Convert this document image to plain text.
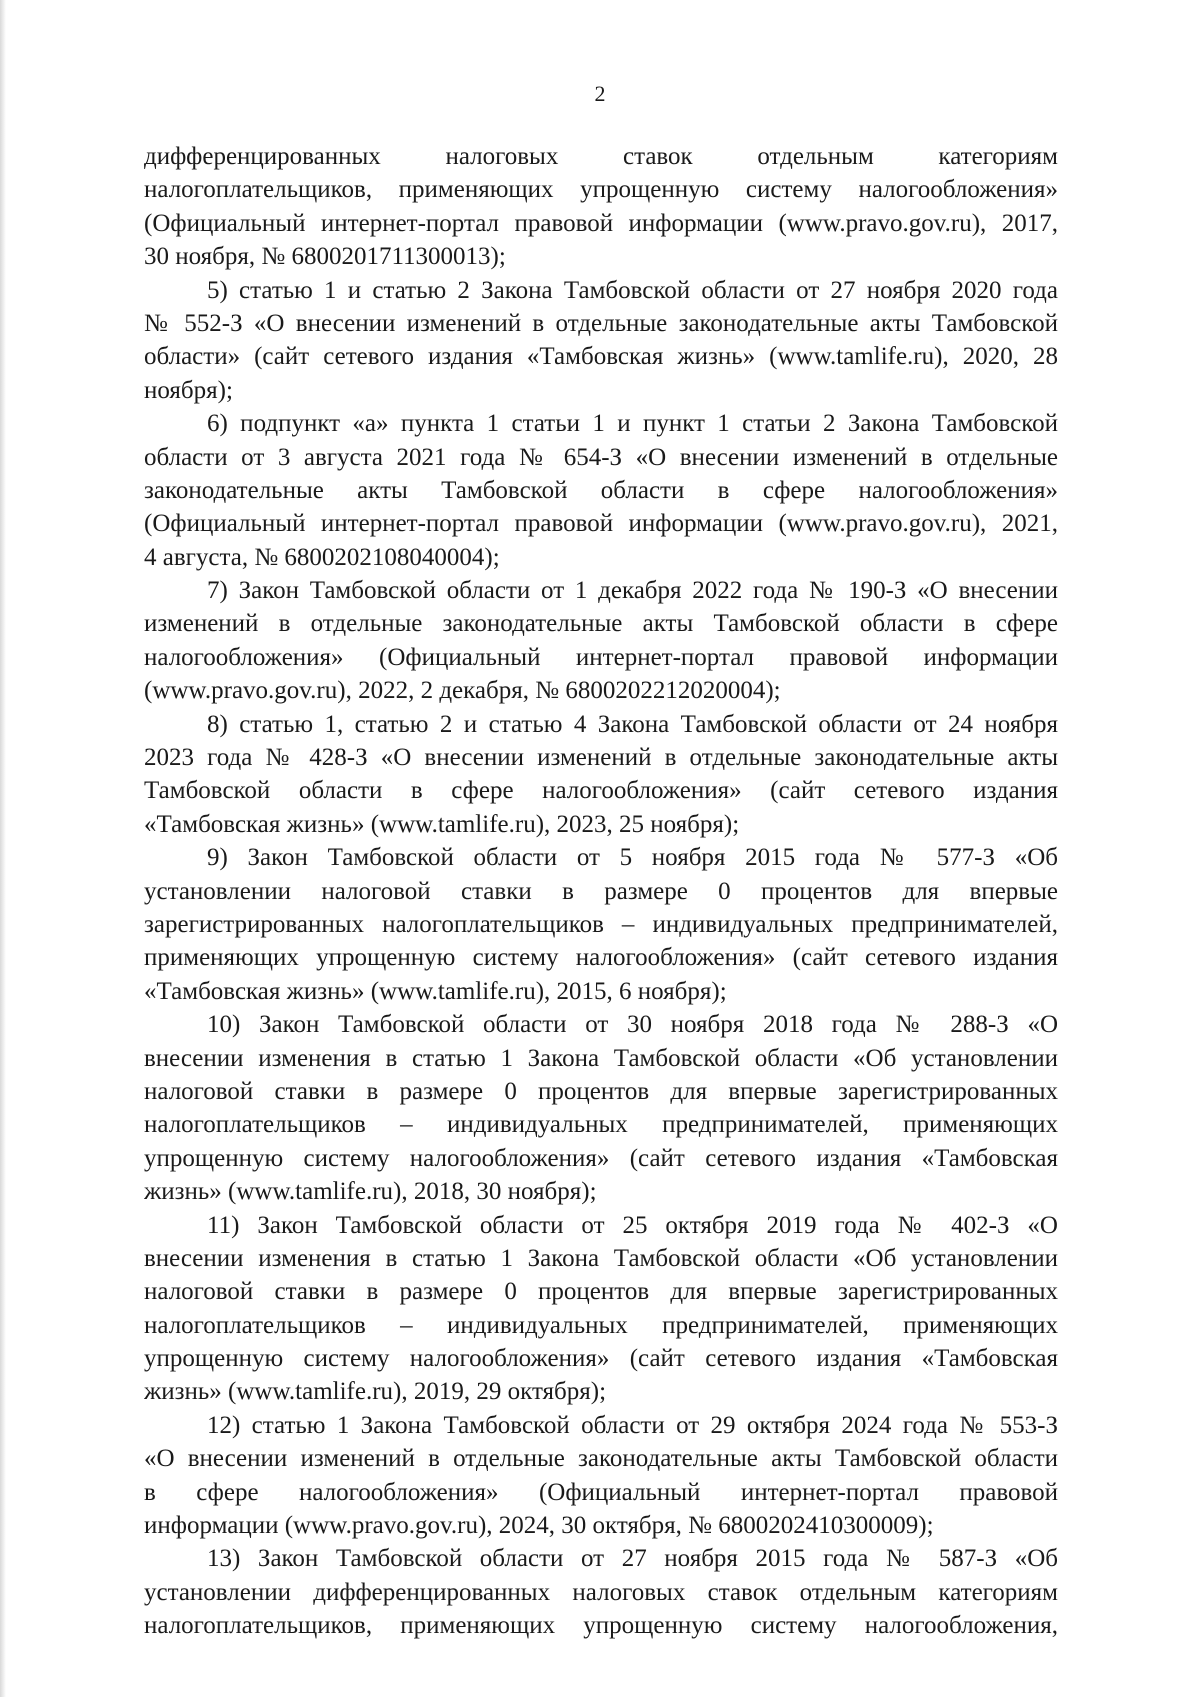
2
дифференцированных налоговых ставок отдельным категориям
налогоплательщиков, применяющих упрощенную систему налогообложения»
(Официальный интернет-портал правовой информации (www.pravo.gov.ru), 2017,
30 ноября, № 6800201711300013);
5) статью 1 и статью 2 Закона Тамбовской области от 27 ноября 2020 года
№ 552-З «О внесении изменений в отдельные законодательные акты Тамбовской
области» (сайт сетевого издания «Тамбовская жизнь» (www.tamlife.ru), 2020, 28
ноября);
6) подпункт «а» пункта 1 статьи 1 и пункт 1 статьи 2 Закона Тамбовской
области от 3 августа 2021 года № 654-З «О внесении изменений в отдельные
законодательные акты Тамбовской области в сфере налогообложения»
(Официальный интернет-портал правовой информации (www.pravo.gov.ru), 2021,
4 августа, № 6800202108040004);
7) Закон Тамбовской области от 1 декабря 2022 года № 190-З «О внесении
изменений в отдельные законодательные акты Тамбовской области в сфере
налогообложения» (Официальный интернет-портал правовой информации
(www.pravo.gov.ru), 2022, 2 декабря, № 6800202212020004);
8) статью 1, статью 2 и статью 4 Закона Тамбовской области от 24 ноября
2023 года № 428-З «О внесении изменений в отдельные законодательные акты
Тамбовской области в сфере налогообложения» (сайт сетевого издания
«Тамбовская жизнь» (www.tamlife.ru), 2023, 25 ноября);
9) Закон Тамбовской области от 5 ноября 2015 года № 577-З «Об
установлении налоговой ставки в размере 0 процентов для впервые
зарегистрированных налогоплательщиков – индивидуальных предпринимателей,
применяющих упрощенную систему налогообложения» (сайт сетевого издания
«Тамбовская жизнь» (www.tamlife.ru), 2015, 6 ноября);
10) Закон Тамбовской области от 30 ноября 2018 года № 288-З «О
внесении изменения в статью 1 Закона Тамбовской области «Об установлении
налоговой ставки в размере 0 процентов для впервые зарегистрированных
налогоплательщиков – индивидуальных предпринимателей, применяющих
упрощенную систему налогообложения» (сайт сетевого издания «Тамбовская
жизнь» (www.tamlife.ru), 2018, 30 ноября);
11) Закон Тамбовской области от 25 октября 2019 года № 402-З «О
внесении изменения в статью 1 Закона Тамбовской области «Об установлении
налоговой ставки в размере 0 процентов для впервые зарегистрированных
налогоплательщиков – индивидуальных предпринимателей, применяющих
упрощенную систему налогообложения» (сайт сетевого издания «Тамбовская
жизнь» (www.tamlife.ru), 2019, 29 октября);
12) статью 1 Закона Тамбовской области от 29 октября 2024 года № 553-З
«О внесении изменений в отдельные законодательные акты Тамбовской области
в сфере налогообложения» (Официальный интернет-портал правовой
информации (www.pravo.gov.ru), 2024, 30 октября, № 6800202410300009);
13) Закон Тамбовской области от 27 ноября 2015 года № 587-З «Об
установлении дифференцированных налоговых ставок отдельным категориям
налогоплательщиков, применяющих упрощенную систему налогообложения,
